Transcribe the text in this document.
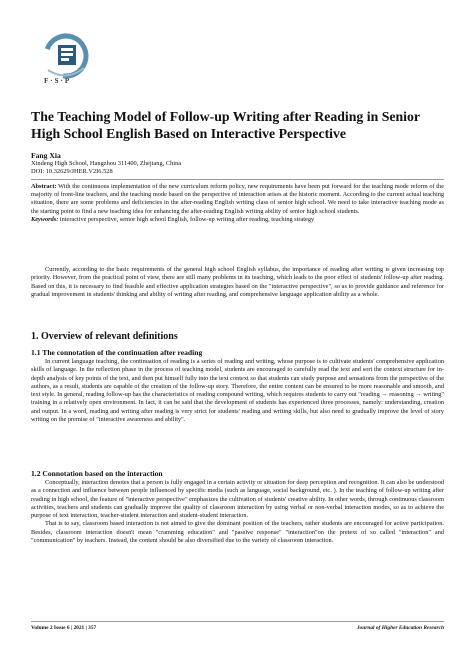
F·S·P
The Teaching Model of Follow-up Writing after Reading in Senior High School English Based on Interactive Perspective
Fang Xia
Xindeng High School, Hangzhou 311400, Zhejiang, China
DOI: 10.32629/JHER.V2I6.528

Abstract: With the continuous implementation of the new curriculum reform policy, new requirements have been put forward for the teaching mode reform of the majority of front-line teachers, and the teaching mode based on the perspective of interaction arises at the historic moment. According to the current actual teaching situation, there are some problems and deficiencies in the after-reading English writing class of senior high school. We need to take interactive teaching mode as the starting point to find a new teaching idea for enhancing the after-reading English writing ability of senior high school students.

Keywords: interactive perspective, senior high school English, follow-up writing after reading, teaching strategy

Currently, according to the basic requirements of the general high school English syllabus, the importance of reading after writing is given increasing top priority. However, from the practical point of view, there are still many problems in its teaching, which leads to the poor effect of students' follow-up after reading. Based on this, it is necessary to find feasible and effective application strategies based on the "interactive perspective", so as to provide guidance and reference for gradual improvement in students' thinking and ability of writing after reading, and comprehensive language application ability as a whole.

1. Overview of relevant definitions
1.1 The connotation of the continuation after reading

In current language teaching, the continuation of reading is a series of reading and writing, whose purpose is to cultivate students' comprehensive application skills of language. In the reflection phase in the process of teaching model, students are encouraged to carefully read the text and sort the context structure for in-depth analysis of key points of the text, and then put himself fully into the text context so that students can study purpose and sensations from the perspective of the authors, as a result, students are capable of the creation of the follow-up story. Therefore, the entire content can be ensured to be more reasonable and smooth, and text style. In general, reading follow-up has the characteristics of reading compound writing, which requires students to carry out "reading → reasoning → writing" training in a relatively open environment. In fact, it can be said that the development of students has experienced three processes, namely: understanding, creation and output. In a word, reading and writing after reading is very strict for students' reading and writing skills, but also need to gradually improve the level of story writing on the premise of "interactive awareness and ability".

1.2 Connotation based on the interaction

Conceptually, interaction denotes that a person is fully engaged in a certain activity or situation for deep perception and recognition. It can also be understood as a connection and influence between people influenced by specific media (such as language, social background, etc. ). In the teaching of follow-up writing after reading in high school, the feature of "interactive perspective" emphasizes the cultivation of students' creative ability. In other words, through continuous classroom activities, teachers and students can gradually improve the quality of classroom interaction by using verbal or non-verbal interaction modes, so as to achieve the purpose of text interaction, teacher-student interaction and student-student interaction.

That is to say, classroom based interaction is not aimed to give the dominant position of the teachers, rather students are encouraged for active participation. Besides, classroom interaction doesn't mean "cramming education" and "passive response" "interaction"on the pretext of so called "interaction" and "communication" by teachers. Instead, the content should be also diversified due to the variety of classroom interaction.

Volume 2 Issue 6 | 2021 | 357	Journal of Higher Education Research
